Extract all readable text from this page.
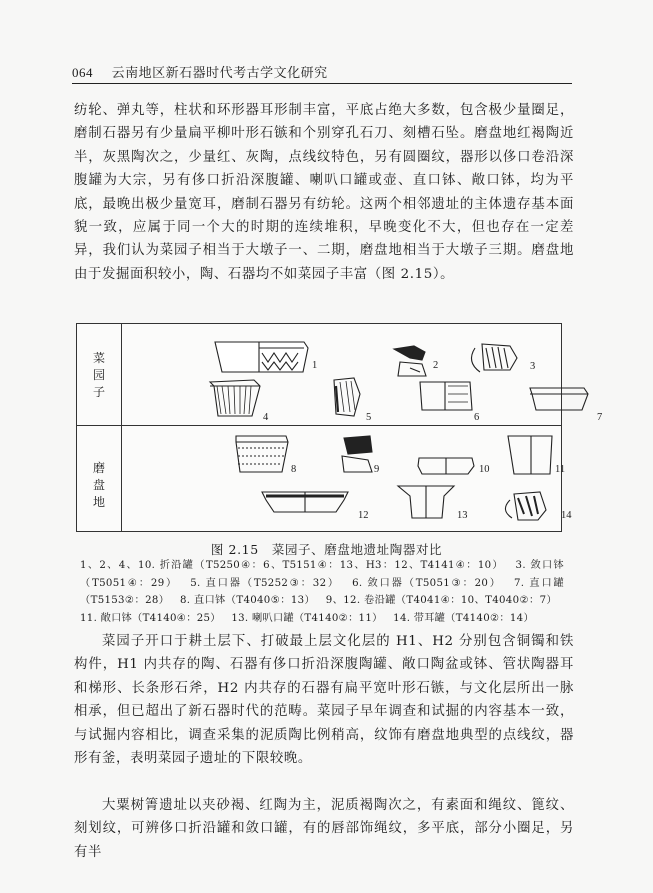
064 云南地区新石器时代考古学文化研究
纺轮、弹丸等，柱状和环形器耳形制丰富，平底占绝大多数，包含极少量圈足，磨制石器另有少量扁平柳叶形石镞和个别穿孔石刀、刻槽石坠。磨盘地红褐陶近半，灰黑陶次之，少量红、灰陶，点线纹特色，另有圆圈纹，器形以侈口卷沿深腹罐为大宗，另有侈口折沿深腹罐、喇叭口罐或壶、直口钵、敞口钵，均为平底，最晚出极少量宽耳，磨制石器另有纺轮。这两个相邻遗址的主体遗存基本面貌一致，应属于同一个大的时期的连续堆积，早晚变化不大，但也存在一定差异，我们认为菜园子相当于大墩子一、二期，磨盘地相当于大墩子三期。磨盘地由于发掘面积较小，陶、石器均不如菜园子丰富（图 2.15）。
菜
园
子
磨
盘
地
1	2	3
4	5	6	7
8	9	10	11
12	13	14
图 2.15　菜园子、磨盘地遗址陶器对比
1、2、4、10. 折沿罐（T5250④：6、T5151④：13、H3：12、T4141④：10） 3. 敛口钵（T5051④：29） 5. 直口器（T5252③：32） 6. 敛口器（T5051③：20） 7. 直口罐（T5153②：28） 8. 直口钵（T4040⑤：13） 9、12. 卷沿罐（T4041④：10、T4040②：7） 11. 敞口钵（T4140④：25） 13. 喇叭口罐（T4140②：11） 14. 带耳罐（T4140②：14）
菜园子开口于耕土层下、打破最上层文化层的 H1、H2 分别包含铜镯和铁构件，H1 内共存的陶、石器有侈口折沿深腹陶罐、敞口陶盆或钵、管状陶器耳和梯形、长条形石斧，H2 内共存的石器有扁平宽叶形石镞，与文化层所出一脉相承，但已超出了新石器时代的范畴。菜园子早年调查和试掘的内容基本一致，与试掘内容相比，调查采集的泥质陶比例稍高，纹饰有磨盘地典型的点线纹，器形有釜，表明菜园子遗址的下限较晚。
大粟树箐遗址以夹砂褐、红陶为主，泥质褐陶次之，有素面和绳纹、篦纹、刻划纹，可辨侈口折沿罐和敛口罐，有的唇部饰绳纹，多平底，部分小圈足，另有半
